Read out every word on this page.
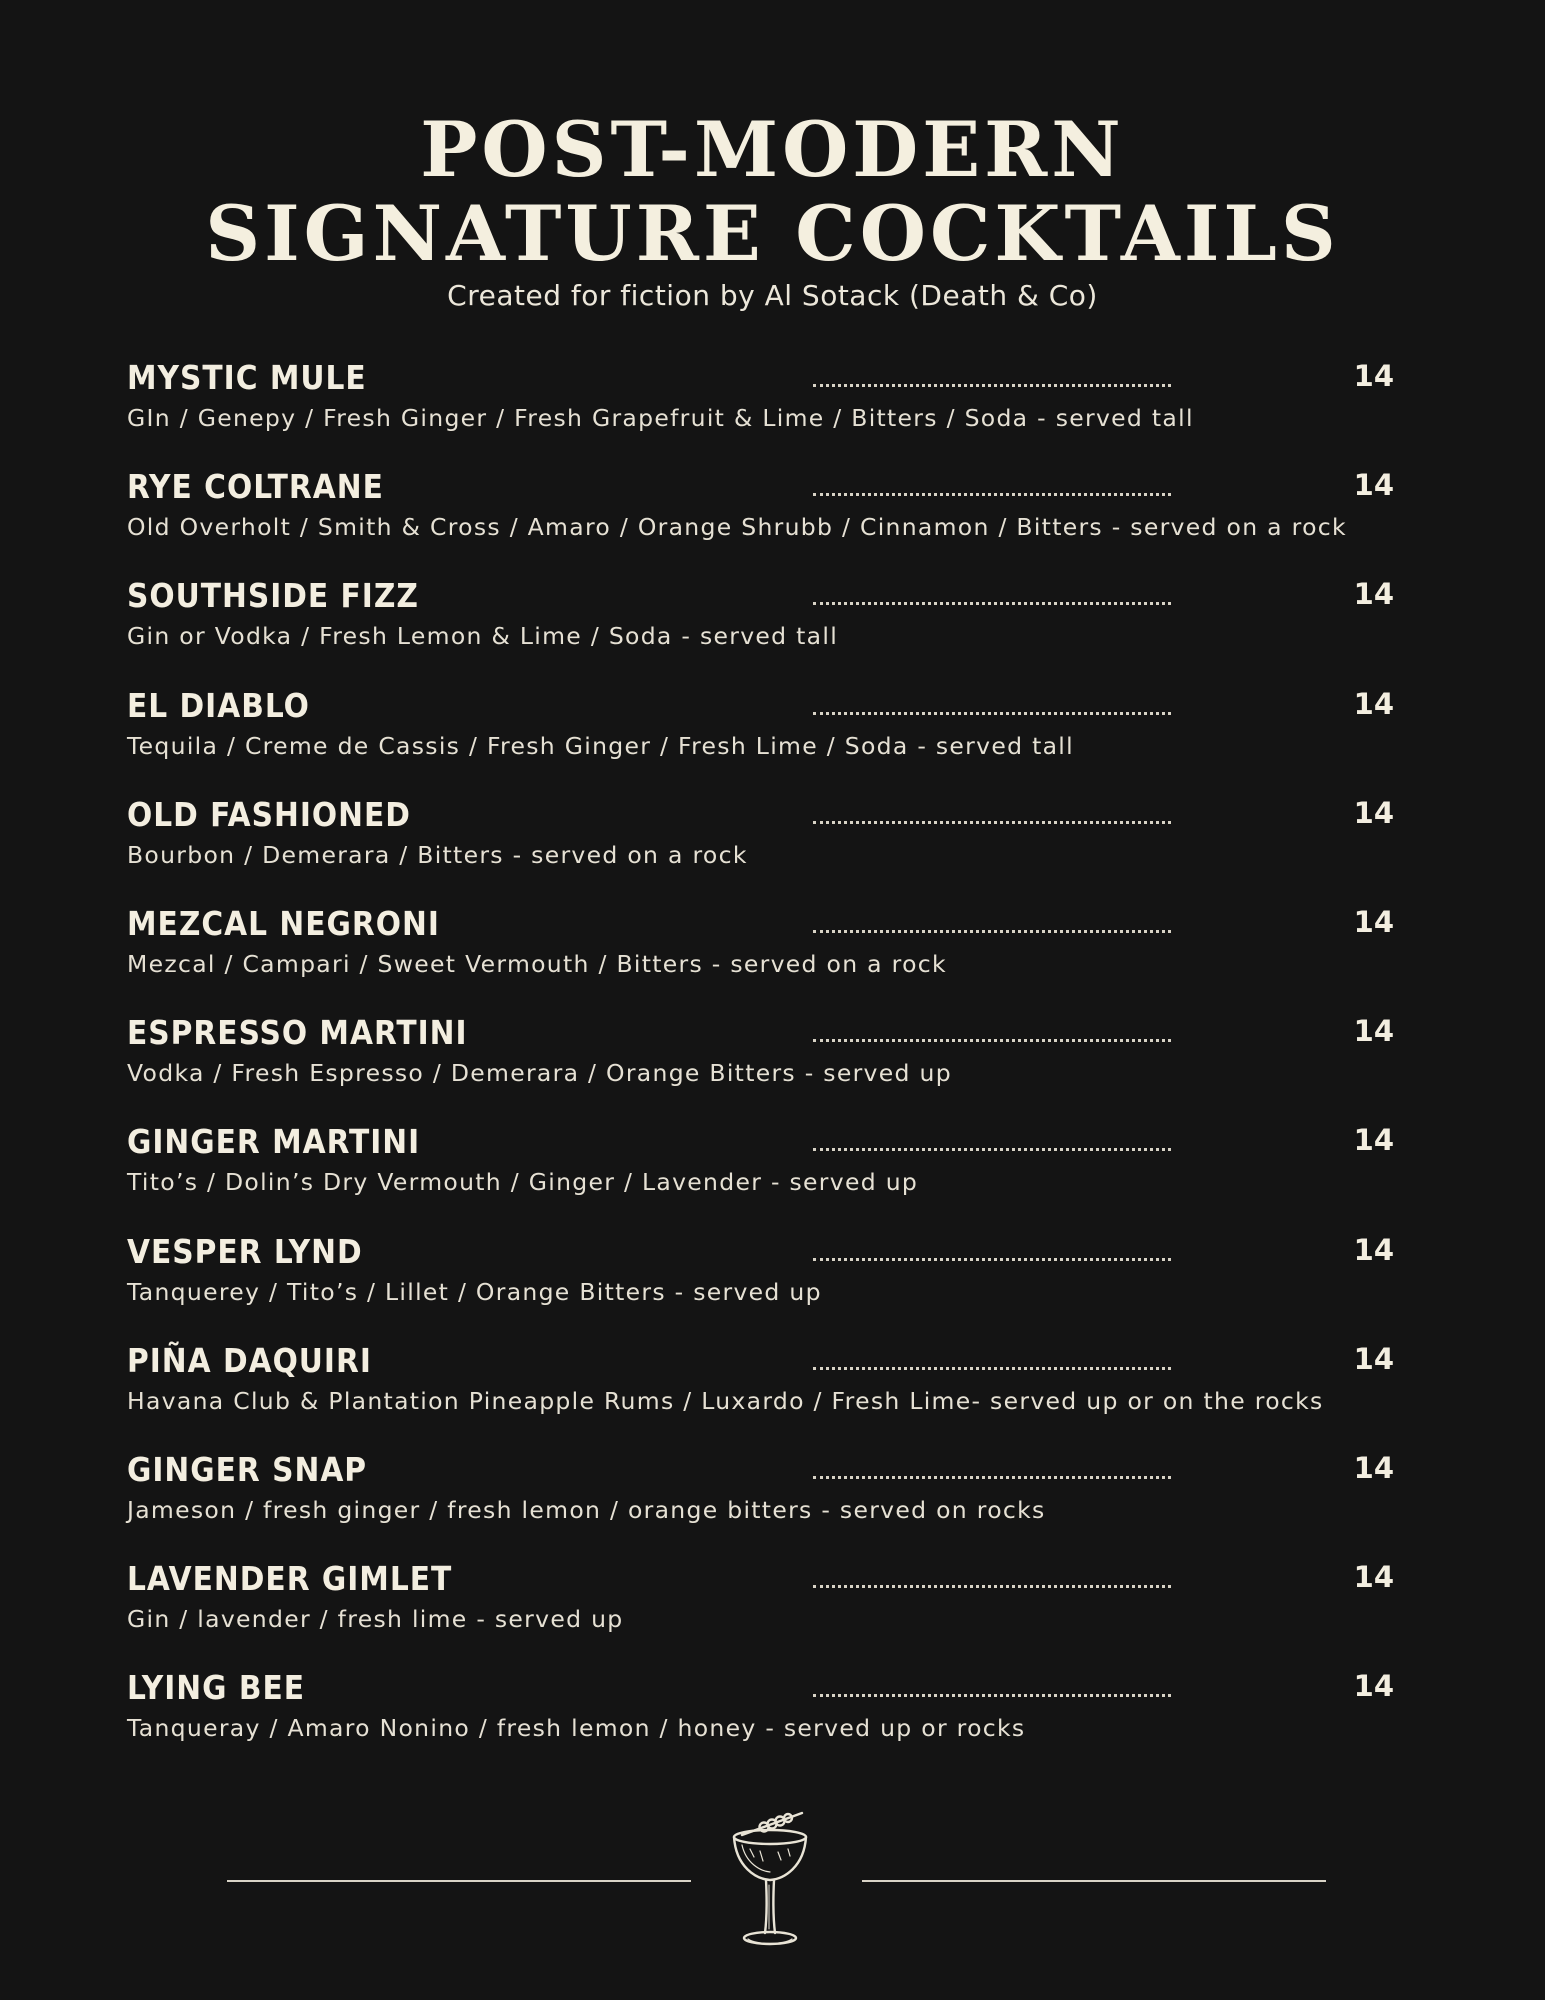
POST-MODERN
SIGNATURE COCKTAILS
Created for fiction by Al Sotack (Death & Co)
MYSTIC MULE	14
GIn / Genepy / Fresh Ginger / Fresh Grapefruit & Lime / Bitters / Soda - served tall
RYE COLTRANE	14
Old Overholt / Smith & Cross / Amaro / Orange Shrubb / Cinnamon / Bitters - served on a rock
SOUTHSIDE FIZZ	14
Gin or Vodka / Fresh Lemon & Lime / Soda - served tall
EL DIABLO	14
Tequila / Creme de Cassis / Fresh Ginger / Fresh Lime / Soda - served tall
OLD FASHIONED	14
Bourbon / Demerara / Bitters - served on a rock
MEZCAL NEGRONI	14
Mezcal / Campari / Sweet Vermouth / Bitters - served on a rock
ESPRESSO MARTINI	14
Vodka / Fresh Espresso / Demerara / Orange Bitters - served up
GINGER MARTINI	14
Tito’s / Dolin’s Dry Vermouth / Ginger / Lavender - served up
VESPER LYND	14
Tanquerey / Tito’s / Lillet / Orange Bitters - served up
PIÑA DAQUIRI	14
Havana Club & Plantation Pineapple Rums / Luxardo / Fresh Lime- served up or on the rocks
GINGER SNAP	14
Jameson / fresh ginger / fresh lemon / orange bitters - served on rocks
LAVENDER GIMLET	14
Gin / lavender / fresh lime - served up
LYING BEE	14
Tanqueray / Amaro Nonino / fresh lemon / honey - served up or rocks
